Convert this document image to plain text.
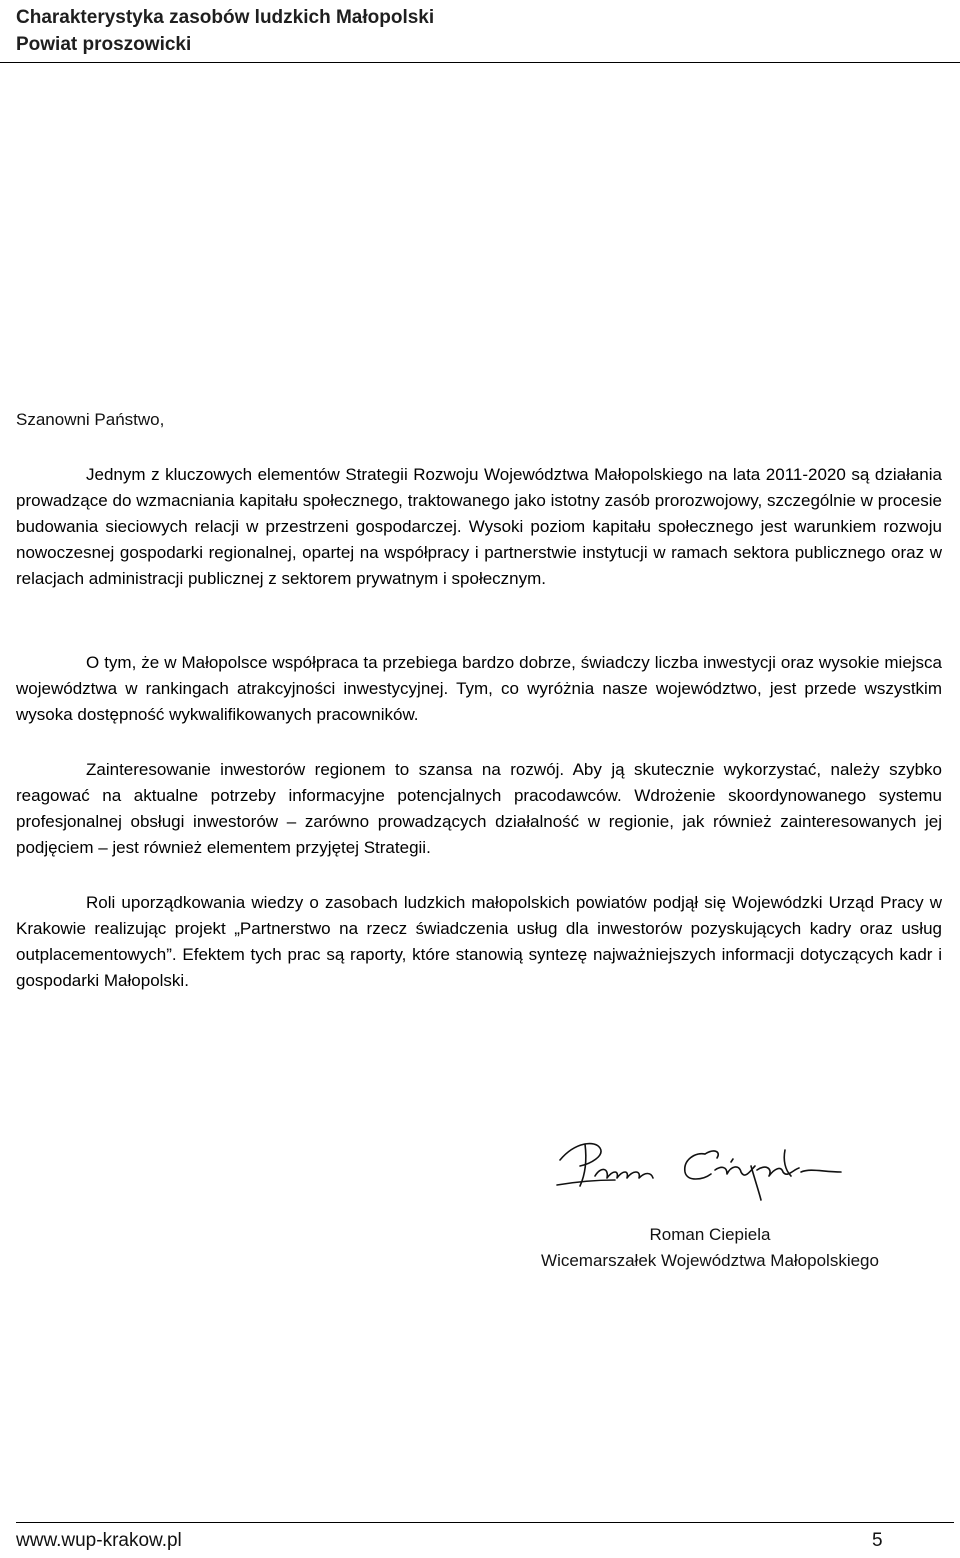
Charakterystyka zasobów ludzkich Małopolski
Powiat proszowicki
Szanowni Państwo,

Jednym z kluczowych elementów Strategii Rozwoju Województwa Małopolskiego na lata 2011-2020 są działania prowadzące do wzmacniania kapitału społecznego, traktowanego jako istotny zasób prorozwojowy, szczególnie w procesie budowania sieciowych relacji w przestrzeni gospodarczej. Wysoki poziom kapitału społecznego jest warunkiem rozwoju nowoczesnej gospodarki regionalnej, opartej na współpracy i partnerstwie instytucji w ramach sektora publicznego oraz w relacjach administracji publicznej z sektorem prywatnym i społecznym.

O tym, że w Małopolsce współpraca ta przebiega bardzo dobrze, świadczy liczba inwestycji oraz wysokie miejsca województwa w rankingach atrakcyjności inwestycyjnej. Tym, co wyróżnia nasze województwo, jest przede wszystkim wysoka dostępność wykwalifikowanych pracowników.

Zainteresowanie inwestorów regionem to szansa na rozwój. Aby ją skutecznie wykorzystać, należy szybko reagować na aktualne potrzeby informacyjne potencjalnych pracodawców. Wdrożenie skoordynowanego systemu profesjonalnej obsługi inwestorów – zarówno prowadzących działalność w regionie, jak również zainteresowanych jej podjęciem – jest również elementem przyjętej Strategii.

Roli uporządkowania wiedzy o zasobach ludzkich małopolskich powiatów podjął się Wojewódzki Urząd Pracy w Krakowie realizując projekt „Partnerstwo na rzecz świadczenia usług dla inwestorów pozyskujących kadry oraz usług outplacementowych”. Efektem tych prac są raporty, które stanowią syntezę najważniejszych informacji dotyczących kadr i gospodarki Małopolski.

Roman Ciepiela
Wicemarszałek Województwa Małopolskiego
www.wup-krakow.pl	5
